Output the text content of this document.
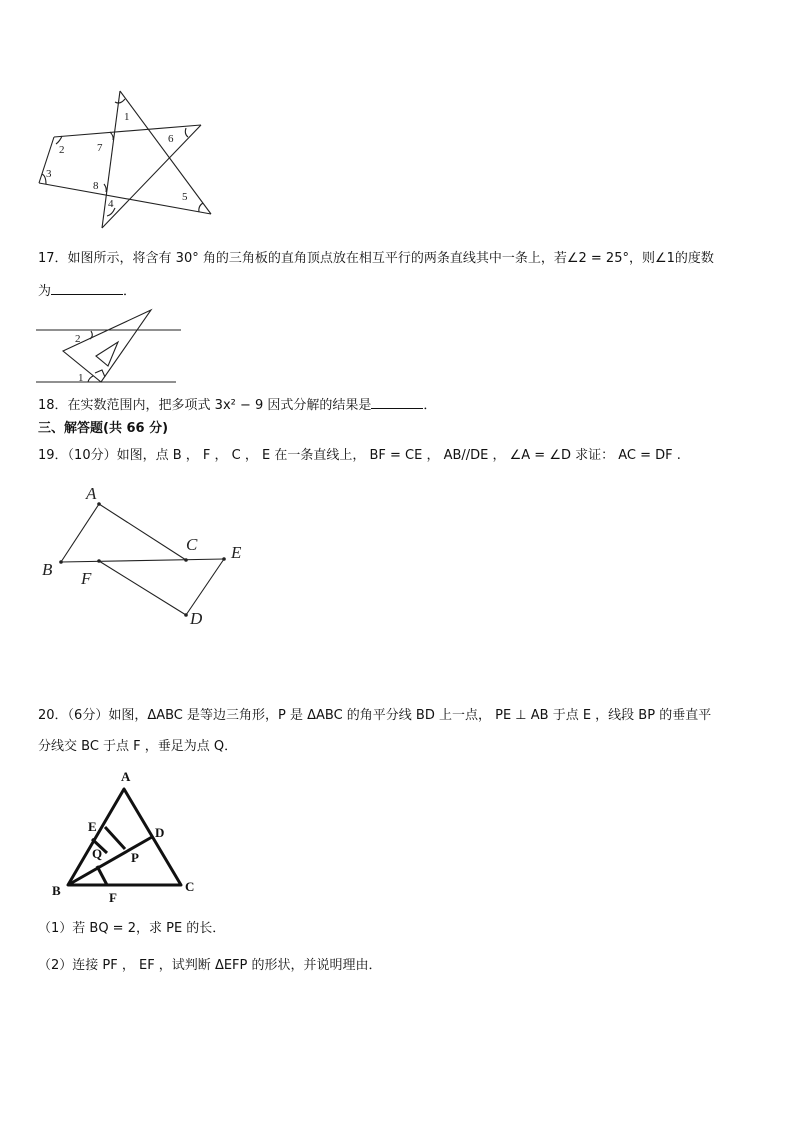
1
2
3
4
5
6
7
8
17．如图所示，将含有 30° 角的三角板的直角顶点放在相互平行的两条直线其中一条上，若∠2 = 25°，则∠1的度数
为	．
2
1
18．在实数范围内，把多项式 3x² − 9 因式分解的结果是	．
三、解答题(共 66 分)
19．（10分）如图，点 B ， F ， C ， E 在一条直线上， BF = CE ， AB//DE ， ∠A = ∠D 求证： AC = DF .
A
B
C
D
E
F
20．（6分）如图，ΔABC 是等边三角形，P 是 ΔABC 的角平分线 BD 上一点， PE ⊥ AB 于点 E ，线段 BP 的垂直平
分线交 BC 于点 F ，垂足为点 Q．
A
B	C
D
E
F
P
Q
（1）若 BQ = 2，求 PE 的长．
（2）连接 PF ， EF ，试判断 ΔEFP 的形状，并说明理由．
